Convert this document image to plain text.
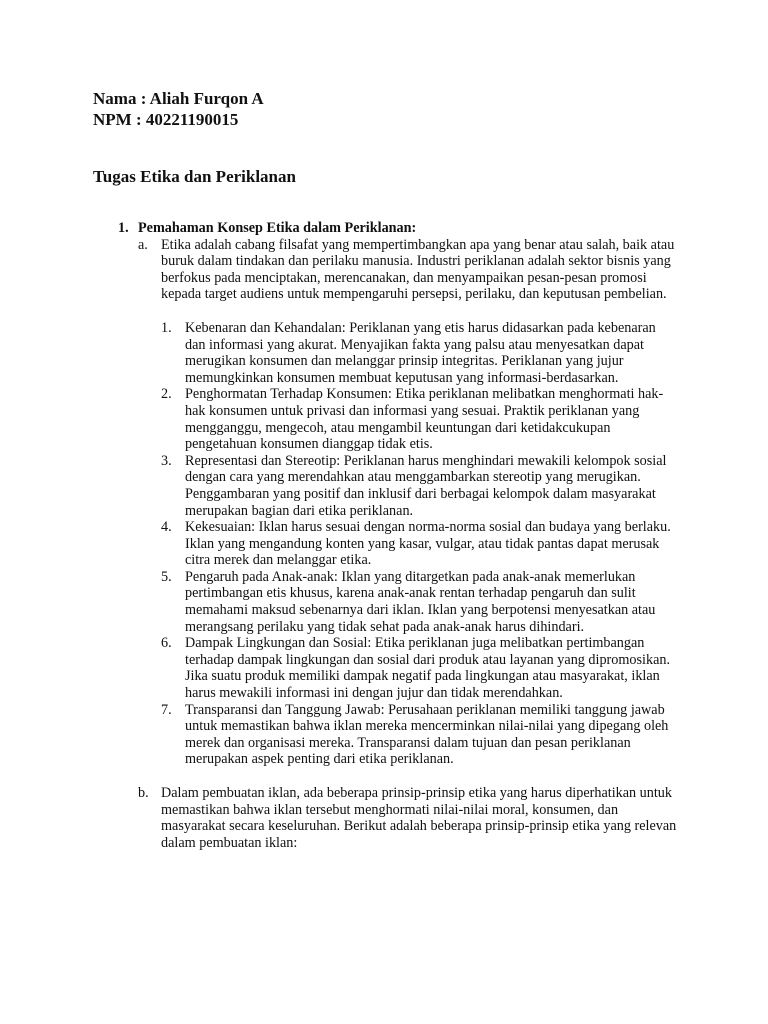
Nama : Aliah Furqon A
NPM : 40221190015
Tugas Etika dan Periklanan
1. Pemahaman Konsep Etika dalam Periklanan:
a. Etika adalah cabang filsafat yang mempertimbangkan apa yang benar atau salah, baik atau buruk dalam tindakan dan perilaku manusia. Industri periklanan adalah sektor bisnis yang berfokus pada menciptakan, merencanakan, dan menyampaikan pesan-pesan promosi kepada target audiens untuk mempengaruhi persepsi, perilaku, dan keputusan pembelian.

1. Kebenaran dan Kehandalan: Periklanan yang etis harus didasarkan pada kebenaran dan informasi yang akurat. Menyajikan fakta yang palsu atau menyesatkan dapat merugikan konsumen dan melanggar prinsip integritas. Periklanan yang jujur memungkinkan konsumen membuat keputusan yang informasi-berdasarkan.
2. Penghormatan Terhadap Konsumen: Etika periklanan melibatkan menghormati hak-hak konsumen untuk privasi dan informasi yang sesuai. Praktik periklanan yang mengganggu, mengecoh, atau mengambil keuntungan dari ketidakcukupan pengetahuan konsumen dianggap tidak etis.
3. Representasi dan Stereotip: Periklanan harus menghindari mewakili kelompok sosial dengan cara yang merendahkan atau menggambarkan stereotip yang merugikan. Penggambaran yang positif dan inklusif dari berbagai kelompok dalam masyarakat merupakan bagian dari etika periklanan.
4. Kekesuaian: Iklan harus sesuai dengan norma-norma sosial dan budaya yang berlaku. Iklan yang mengandung konten yang kasar, vulgar, atau tidak pantas dapat merusak citra merek dan melanggar etika.
5. Pengaruh pada Anak-anak: Iklan yang ditargetkan pada anak-anak memerlukan pertimbangan etis khusus, karena anak-anak rentan terhadap pengaruh dan sulit memahami maksud sebenarnya dari iklan. Iklan yang berpotensi menyesatkan atau merangsang perilaku yang tidak sehat pada anak-anak harus dihindari.
6. Dampak Lingkungan dan Sosial: Etika periklanan juga melibatkan pertimbangan terhadap dampak lingkungan dan sosial dari produk atau layanan yang dipromosikan. Jika suatu produk memiliki dampak negatif pada lingkungan atau masyarakat, iklan harus mewakili informasi ini dengan jujur dan tidak merendahkan.
7. Transparansi dan Tanggung Jawab: Perusahaan periklanan memiliki tanggung jawab untuk memastikan bahwa iklan mereka mencerminkan nilai-nilai yang dipegang oleh merek dan organisasi mereka. Transparansi dalam tujuan dan pesan periklanan merupakan aspek penting dari etika periklanan.
b. Dalam pembuatan iklan, ada beberapa prinsip-prinsip etika yang harus diperhatikan untuk memastikan bahwa iklan tersebut menghormati nilai-nilai moral, konsumen, dan masyarakat secara keseluruhan. Berikut adalah beberapa prinsip-prinsip etika yang relevan dalam pembuatan iklan:
